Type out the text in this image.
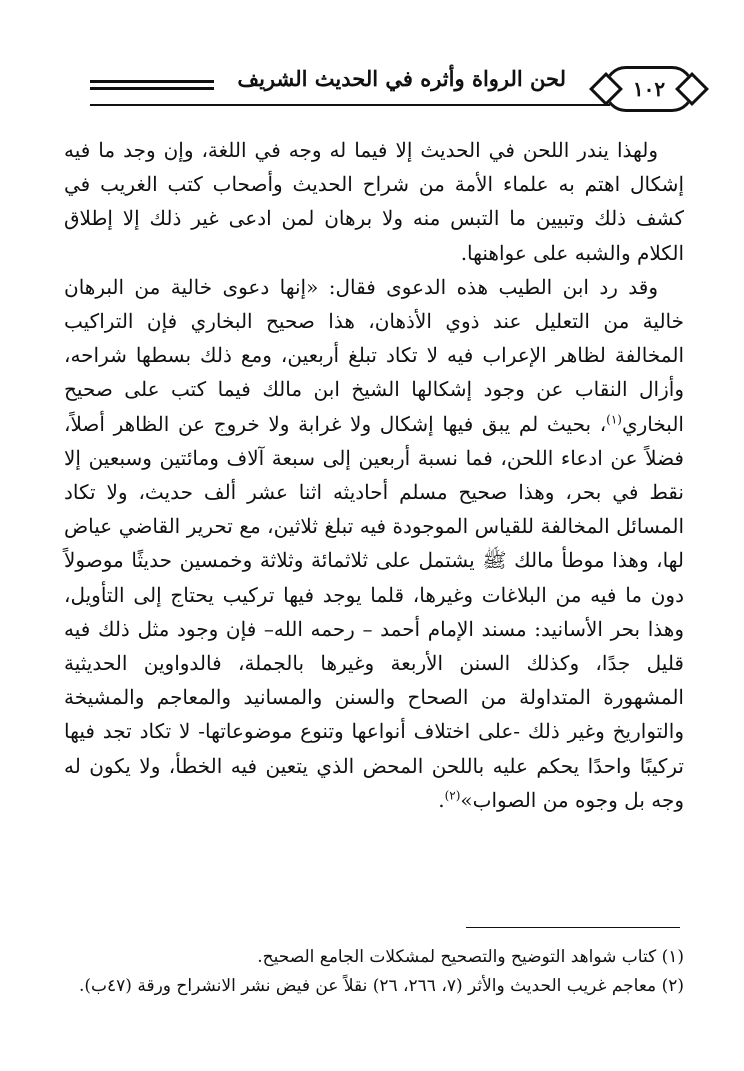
١٠٢
لحن الرواة وأثره في الحديث الشريف

ولهذا يندر اللحن في الحديث إلا فيما له وجه في اللغة، وإن وجد ما فيه إشكال اهتم به علماء الأمة من شراح الحديث وأصحاب كتب الغريب في كشف ذلك وتبيين ما التبس منه ولا برهان لمن ادعى غير ذلك إلا إطلاق الكلام والشبه على عواهنها.

وقد رد ابن الطيب هذه الدعوى فقال: «إنها دعوى خالية من البرهان خالية من التعليل عند ذوي الأذهان، هذا صحيح البخاري فإن التراكيب المخالفة لظاهر الإعراب فيه لا تكاد تبلغ أربعين، ومع ذلك بسطها شراحه، وأزال النقاب عن وجود إشكالها الشيخ ابن مالك فيما كتب على صحيح البخاري$^{(١)}$، بحيث لم يبق فيها إشكال ولا غرابة ولا خروج عن الظاهر أصلاً، فضلاً عن ادعاء اللحن، فما نسبة أربعين إلى سبعة آلاف ومائتين وسبعين إلا نقط في بحر، وهذا صحيح مسلم أحاديثه اثنا عشر ألف حديث، ولا تكاد المسائل المخالفة للقياس الموجودة فيه تبلغ ثلاثين، مع تحرير القاضي عياض لها، وهذا موطأ مالك ﷺ يشتمل على ثلاثمائة وثلاثة وخمسين حديثًا موصولاً دون ما فيه من البلاغات وغيرها، قلما يوجد فيها تركيب يحتاج إلى التأويل، وهذا بحر الأسانيد: مسند الإمام أحمد – رحمه الله– فإن وجود مثل ذلك فيه قليل جدًا، وكذلك السنن الأربعة وغيرها بالجملة، فالدواوين الحديثية المشهورة المتداولة من الصحاح والسنن والمسانيد والمعاجم والمشيخة والتواريخ وغير ذلك -على اختلاف أنواعها وتنوع موضوعاتها- لا تكاد تجد فيها تركيبًا واحدًا يحكم عليه باللحن المحض الذي يتعين فيه الخطأ، ولا يكون له وجه بل وجوه من الصواب»$^{(٢)}$.

(١) كتاب شواهد التوضيح والتصحيح لمشكلات الجامع الصحيح.

(٢) معاجم غريب الحديث والأثر (٧، ٢٦٦، ٢٦) نقلاً عن فيض نشر الانشراح ورقة (٤٧ب).
